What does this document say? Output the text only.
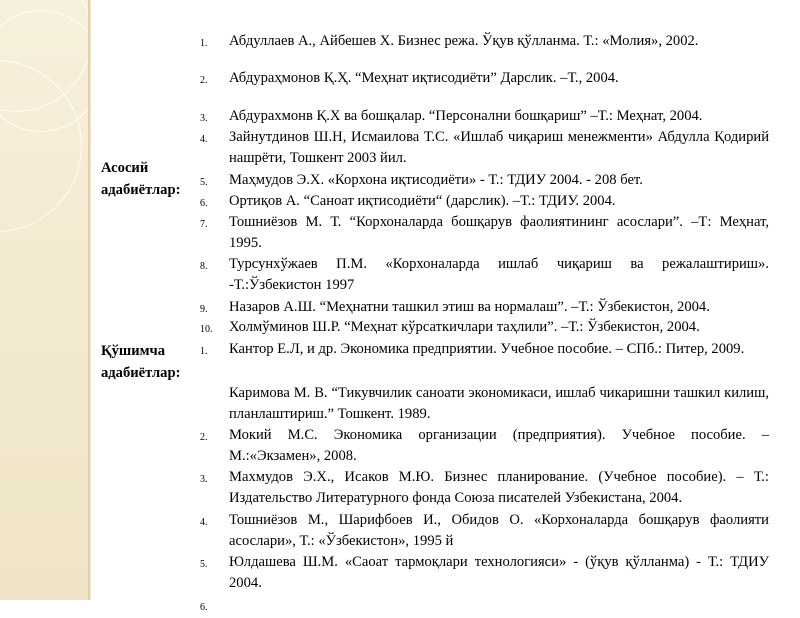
Асосий адабиётлар:
Қўшимча адабиётлар:
1. Абдуллаев А., Айбешев Х. Бизнес режа. Ўқув қўлланма. Т.: «Молия», 2002.
2. Абдураҳмонов Қ.Ҳ. “Меҳнат иқтисодиёти” Дарслик. –Т., 2004.
3. Абдурахмонв Қ.Х ва бошқалар. “Персонални бошқариш” –Т.: Меҳнат, 2004.
4. Зайнутдинов Ш.Н, Исмаилова Т.С. «Ишлаб чиқариш менежменти» Абдулла Қодирий нашрёти, Тошкент 2003 йил.
5. Маҳмудов Э.Х. «Корхона иқтисодиёти» - Т.: ТДИУ 2004. - 208 бет.
6. Ортиқов А. “Саноат иқтисодиёти“ (дарслик). –Т.: ТДИУ. 2004.
7. Тошниёзов М. Т. “Корхоналарда бошқарув фаолиятининг асослари”. –Т: Меҳнат, 1995.
8. Турсунхўжаев П.М. «Корхоналарда ишлаб чиқариш ва режалаштириш». -Т.:Ўзбекистон 1997
9. Назаров А.Ш. “Меҳнатни ташкил этиш ва нормалаш”. –Т.: Ўзбекистон, 2004.
10. Холмўминов Ш.Р. “Меҳнат кўрсаткичлари таҳлили”. –Т.: Ўзбекистон, 2004.
1. Кантор Е.Л, и др. Экономика предприятии. Учебное пособие. – СПб.: Питер, 2009.
2.
Каримова М. В. “Тикувчилик саноати экономикаси, ишлаб чикаришни ташкил килиш, планлаштириш.” Тошкент. 1989.
3.
Мокий М.С. Экономика организации (предприятия). Учебное пособие. – М.:«Экзамен», 2008.
4.
Махмудов Э.Х., Исаков М.Ю. Бизнес планирование. (Учебное пособие). – Т.: Издательство Литературного фонда Союза писателей Узбекистана, 2004.
5.
Тошниёзов М., Шарифбоев И., Обидов О. «Корхоналарда бошқарув фаолияти асослари», Т.: «Ўзбекистон», 1995 й
6.
Юлдашева Ш.М. «Саоат тармоқлари технологияси» - (ўқув қўлланма) - Т.: ТДИУ 2004.
